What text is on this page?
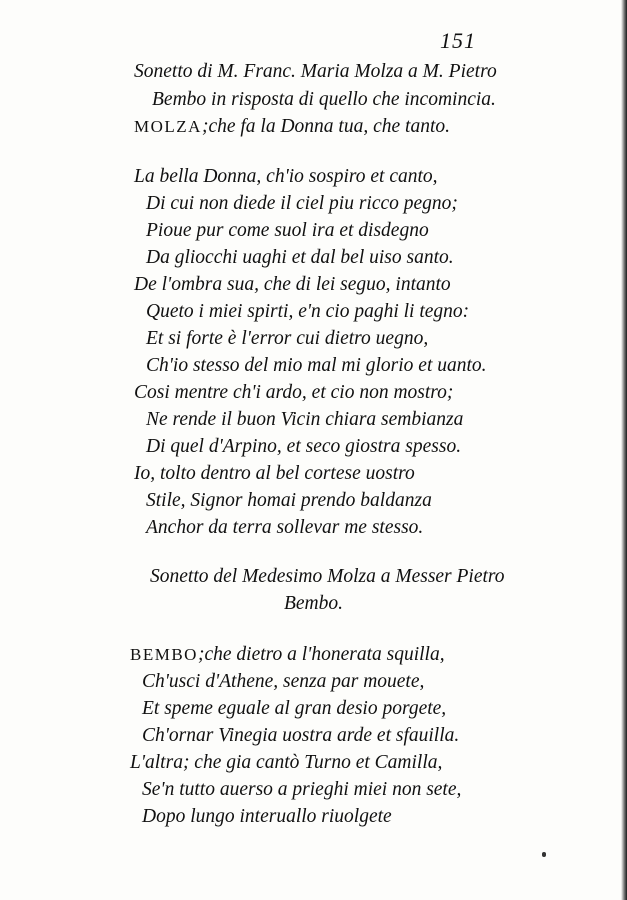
151
Sonetto di M. Franc. Maria Molza a M. Pietro
Bembo in risposta di quello che incomincia.
MOLZA;che fa la Donna tua, che tanto.
La bella Donna, ch'io sospiro et canto,
Di cui non diede il ciel piu ricco pegno;
Pioue pur come suol ira et disdegno
Da gliocchi uaghi et dal bel uiso santo.
De l'ombra sua, che di lei seguo, intanto
Queto i miei spirti, e'n cio paghi li tegno:
Et si forte è l'error cui dietro uegno,
Ch'io stesso del mio mal mi glorio et uanto.
Cosi mentre ch'i ardo, et cio non mostro;
Ne rende il buon Vicin chiara sembianza
Di quel d'Arpino, et seco giostra spesso.
Io, tolto dentro al bel cortese uostro
Stile, Signor homai prendo baldanza
Anchor da terra sollevar me stesso.
Sonetto del Medesimo Molza a Messer Pietro
Bembo.
BEMBO;che dietro a l'honerata squilla,
Ch'usci d'Athene, senza par mouete,
Et speme eguale al gran desio porgete,
Ch'ornar Vinegia uostra arde et sfauilla.
L'altra; che gia cantò Turno et Camilla,
Se'n tutto auerso a prieghi miei non sete,
Dopo lungo interuallo riuolgete
